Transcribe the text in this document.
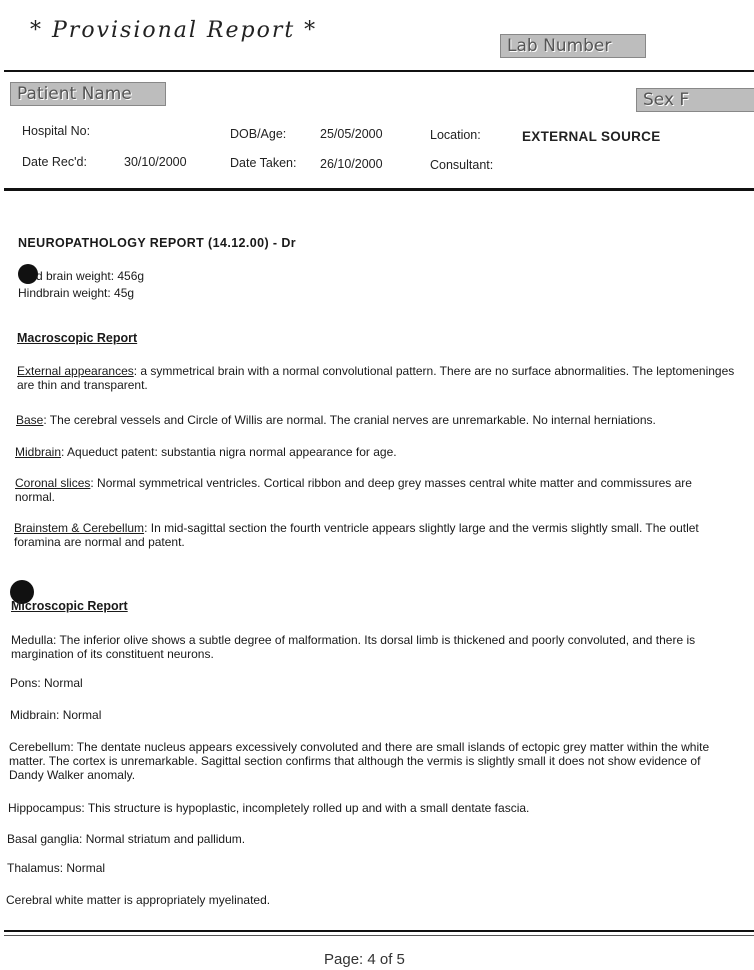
* Provisional Report *
Lab Number
Patient Name	Sex F
Hospital No:	DOB/Age:	25/05/2000	Location:	EXTERNAL SOURCE
Date Rec'd:	30/10/2000	Date Taken: 26/10/2000	Consultant:
NEUROPATHOLOGY REPORT (14.12.00) - Dr
d brain weight: 456g
Hindbrain weight: 45g
Macroscopic Report
External appearances: a symmetrical brain with a normal convolutional pattern. There are no surface abnormalities. The leptomeninges are thin and transparent.
Base: The cerebral vessels and Circle of Willis are normal. The cranial nerves are unremarkable. No internal herniations.
Midbrain: Aqueduct patent: substantia nigra normal appearance for age.
Coronal slices: Normal symmetrical ventricles. Cortical ribbon and deep grey masses central white matter and commissures are normal.
Brainstem & Cerebellum: In mid-sagittal section the fourth ventricle appears slightly large and the vermis slightly small. The outlet foramina are normal and patent.
Microscopic Report
Medulla: The inferior olive shows a subtle degree of malformation. Its dorsal limb is thickened and poorly convoluted, and there is margination of its constituent neurons.
Pons: Normal
Midbrain: Normal
Cerebellum: The dentate nucleus appears excessively convoluted and there are small islands of ectopic grey matter within the white matter. The cortex is unremarkable. Sagittal section confirms that although the vermis is slightly small it does not show evidence of Dandy Walker anomaly.
Hippocampus: This structure is hypoplastic, incompletely rolled up and with a small dentate fascia.
Basal ganglia: Normal striatum and pallidum.
Thalamus: Normal
Cerebral white matter is appropriately myelinated.
Page: 4 of 5
